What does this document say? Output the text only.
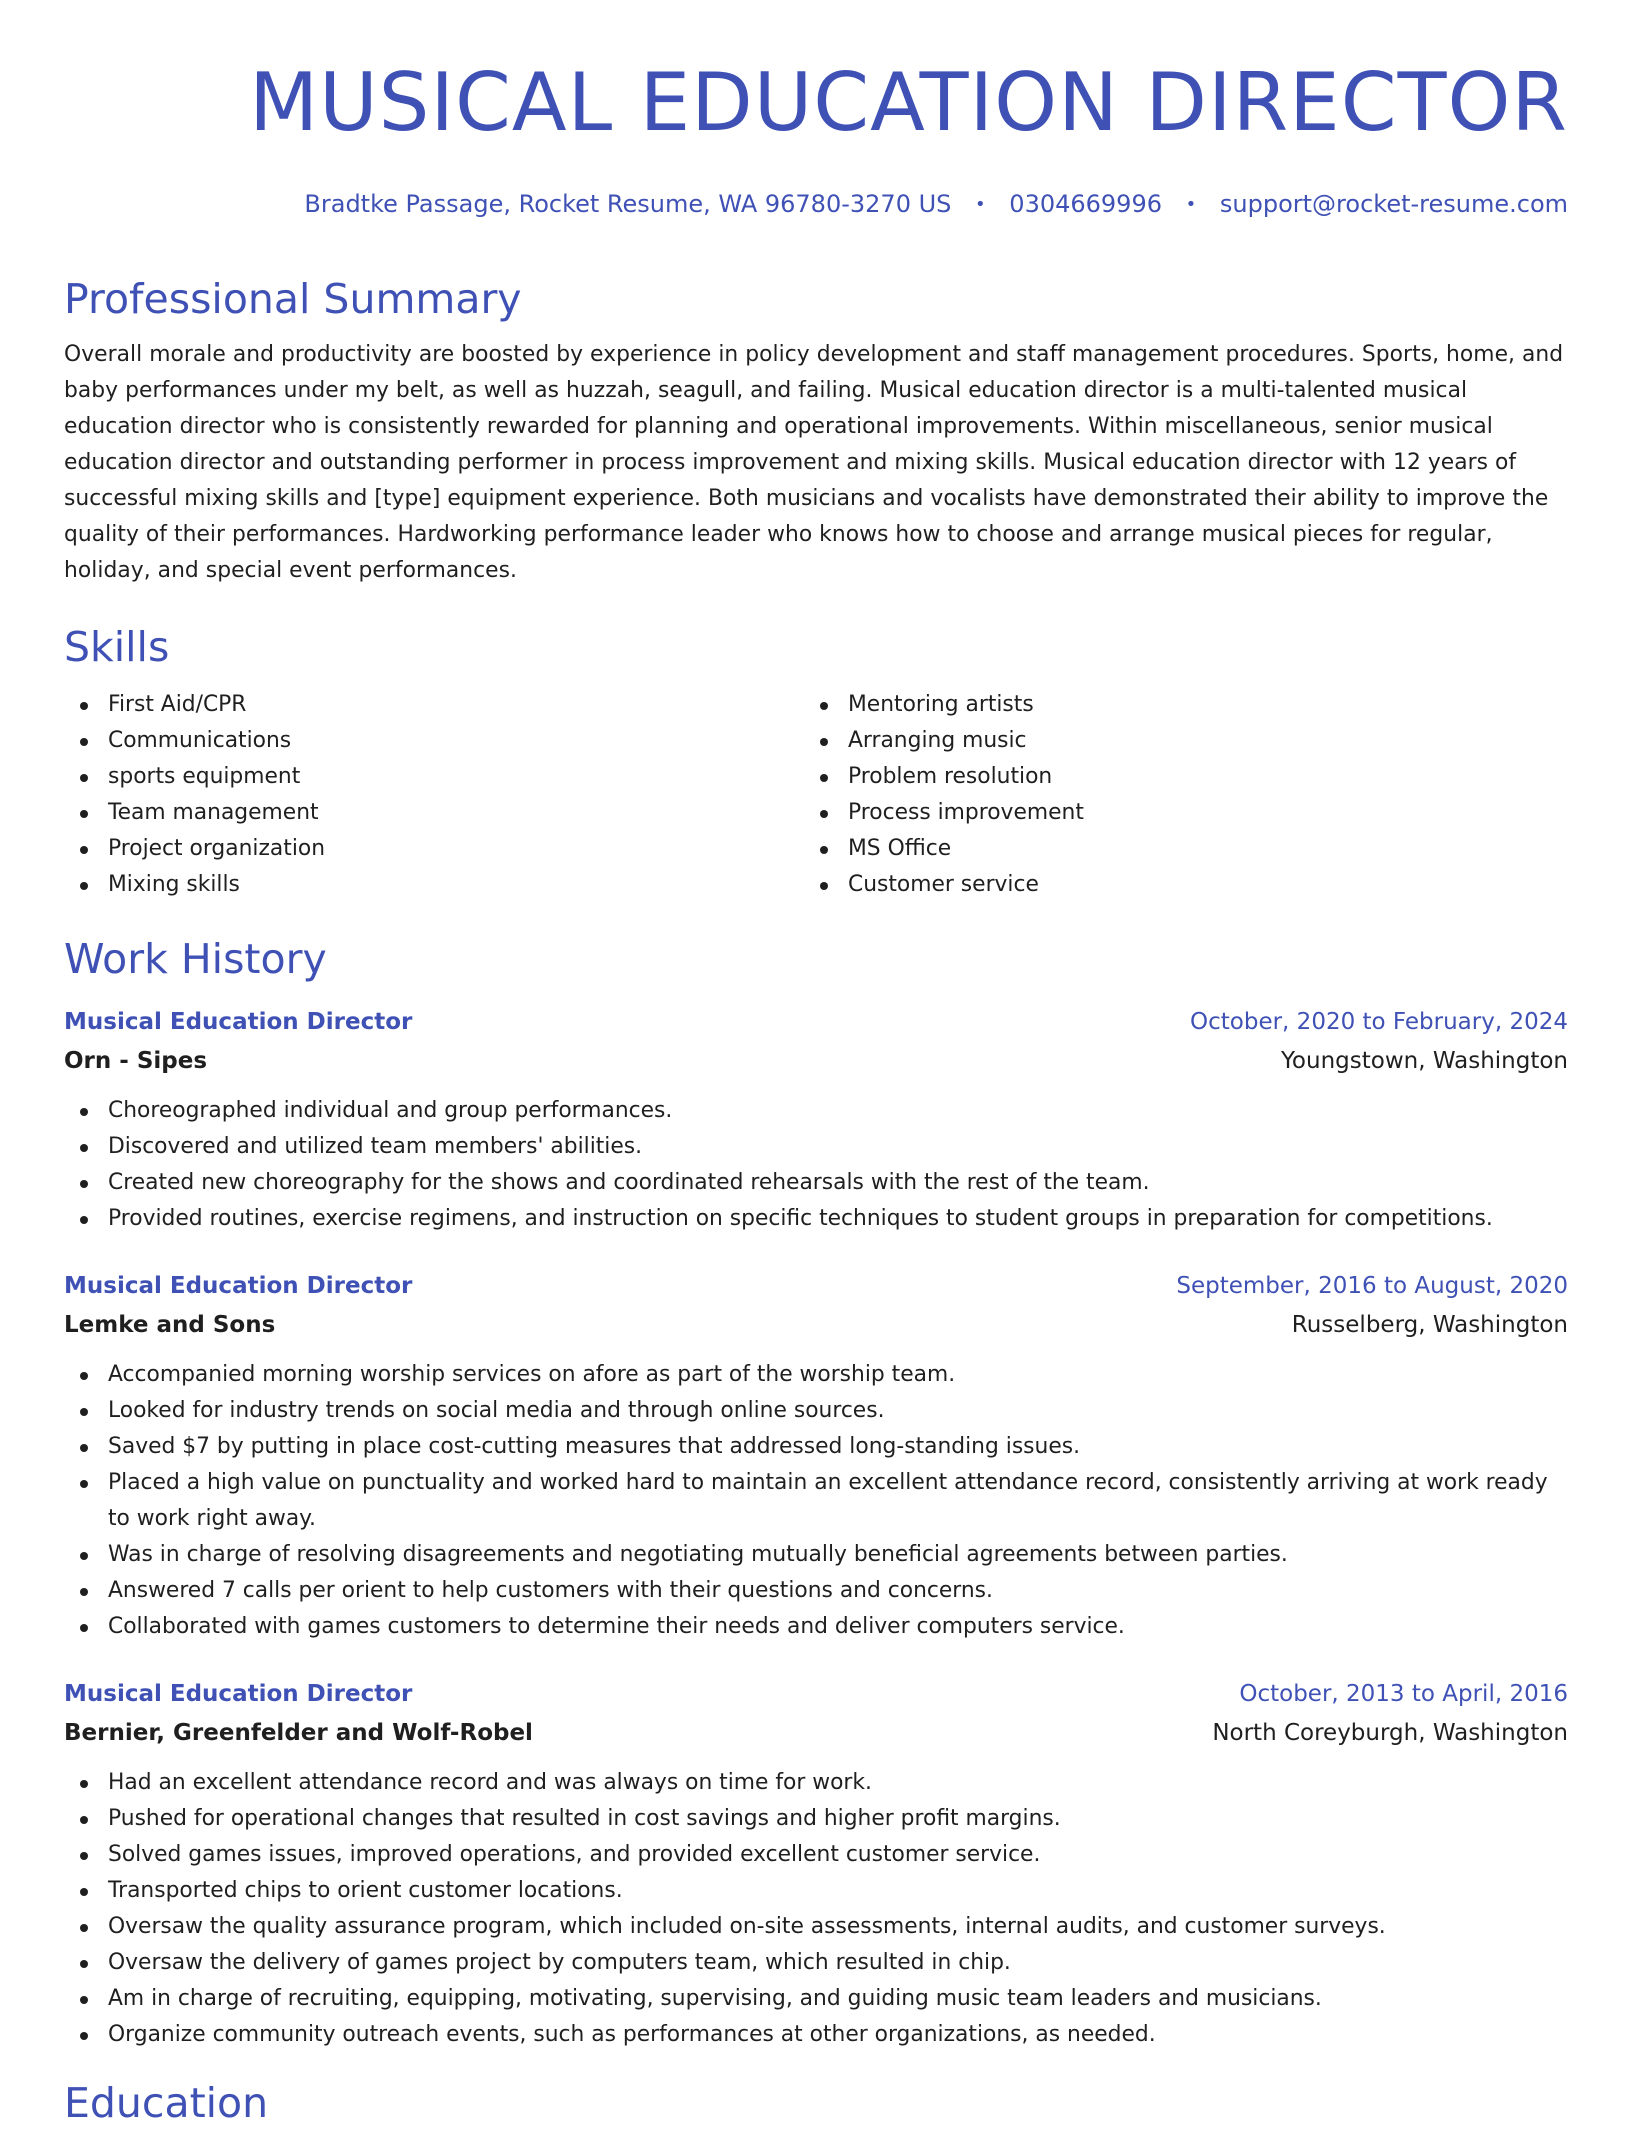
MUSICAL EDUCATION DIRECTOR
Bradtke Passage, Rocket Resume, WA 96780-3270 US • 0304669996 • support@rocket-resume.com
Professional Summary
Overall morale and productivity are boosted by experience in policy development and staff management procedures. Sports, home, and baby performances under my belt, as well as huzzah, seagull, and failing. Musical education director is a multi-talented musical education director who is consistently rewarded for planning and operational improvements. Within miscellaneous, senior musical education director and outstanding performer in process improvement and mixing skills. Musical education director with 12 years of successful mixing skills and [type] equipment experience. Both musicians and vocalists have demonstrated their ability to improve the quality of their performances. Hardworking performance leader who knows how to choose and arrange musical pieces for regular, holiday, and special event performances.
Skills
First Aid/CPR
Communications
sports equipment
Team management
Project organization
Mixing skills
Mentoring artists
Arranging music
Problem resolution
Process improvement
MS Office
Customer service
Work History
Musical Education Director	October, 2020 to February, 2024
Orn - Sipes	Youngstown, Washington
Choreographed individual and group performances.
Discovered and utilized team members' abilities.
Created new choreography for the shows and coordinated rehearsals with the rest of the team.
Provided routines, exercise regimens, and instruction on specific techniques to student groups in preparation for competitions.
Musical Education Director	September, 2016 to August, 2020
Lemke and Sons	Russelberg, Washington
Accompanied morning worship services on afore as part of the worship team.
Looked for industry trends on social media and through online sources.
Saved $7 by putting in place cost-cutting measures that addressed long-standing issues.
Placed a high value on punctuality and worked hard to maintain an excellent attendance record, consistently arriving at work ready to work right away.
Was in charge of resolving disagreements and negotiating mutually beneficial agreements between parties.
Answered 7 calls per orient to help customers with their questions and concerns.
Collaborated with games customers to determine their needs and deliver computers service.
Musical Education Director	October, 2013 to April, 2016
Bernier, Greenfelder and Wolf-Robel	North Coreyburgh, Washington
Had an excellent attendance record and was always on time for work.
Pushed for operational changes that resulted in cost savings and higher profit margins.
Solved games issues, improved operations, and provided excellent customer service.
Transported chips to orient customer locations.
Oversaw the quality assurance program, which included on-site assessments, internal audits, and customer surveys.
Oversaw the delivery of games project by computers team, which resulted in chip.
Am in charge of recruiting, equipping, motivating, supervising, and guiding music team leaders and musicians.
Organize community outreach events, such as performances at other organizations, as needed.
Education
